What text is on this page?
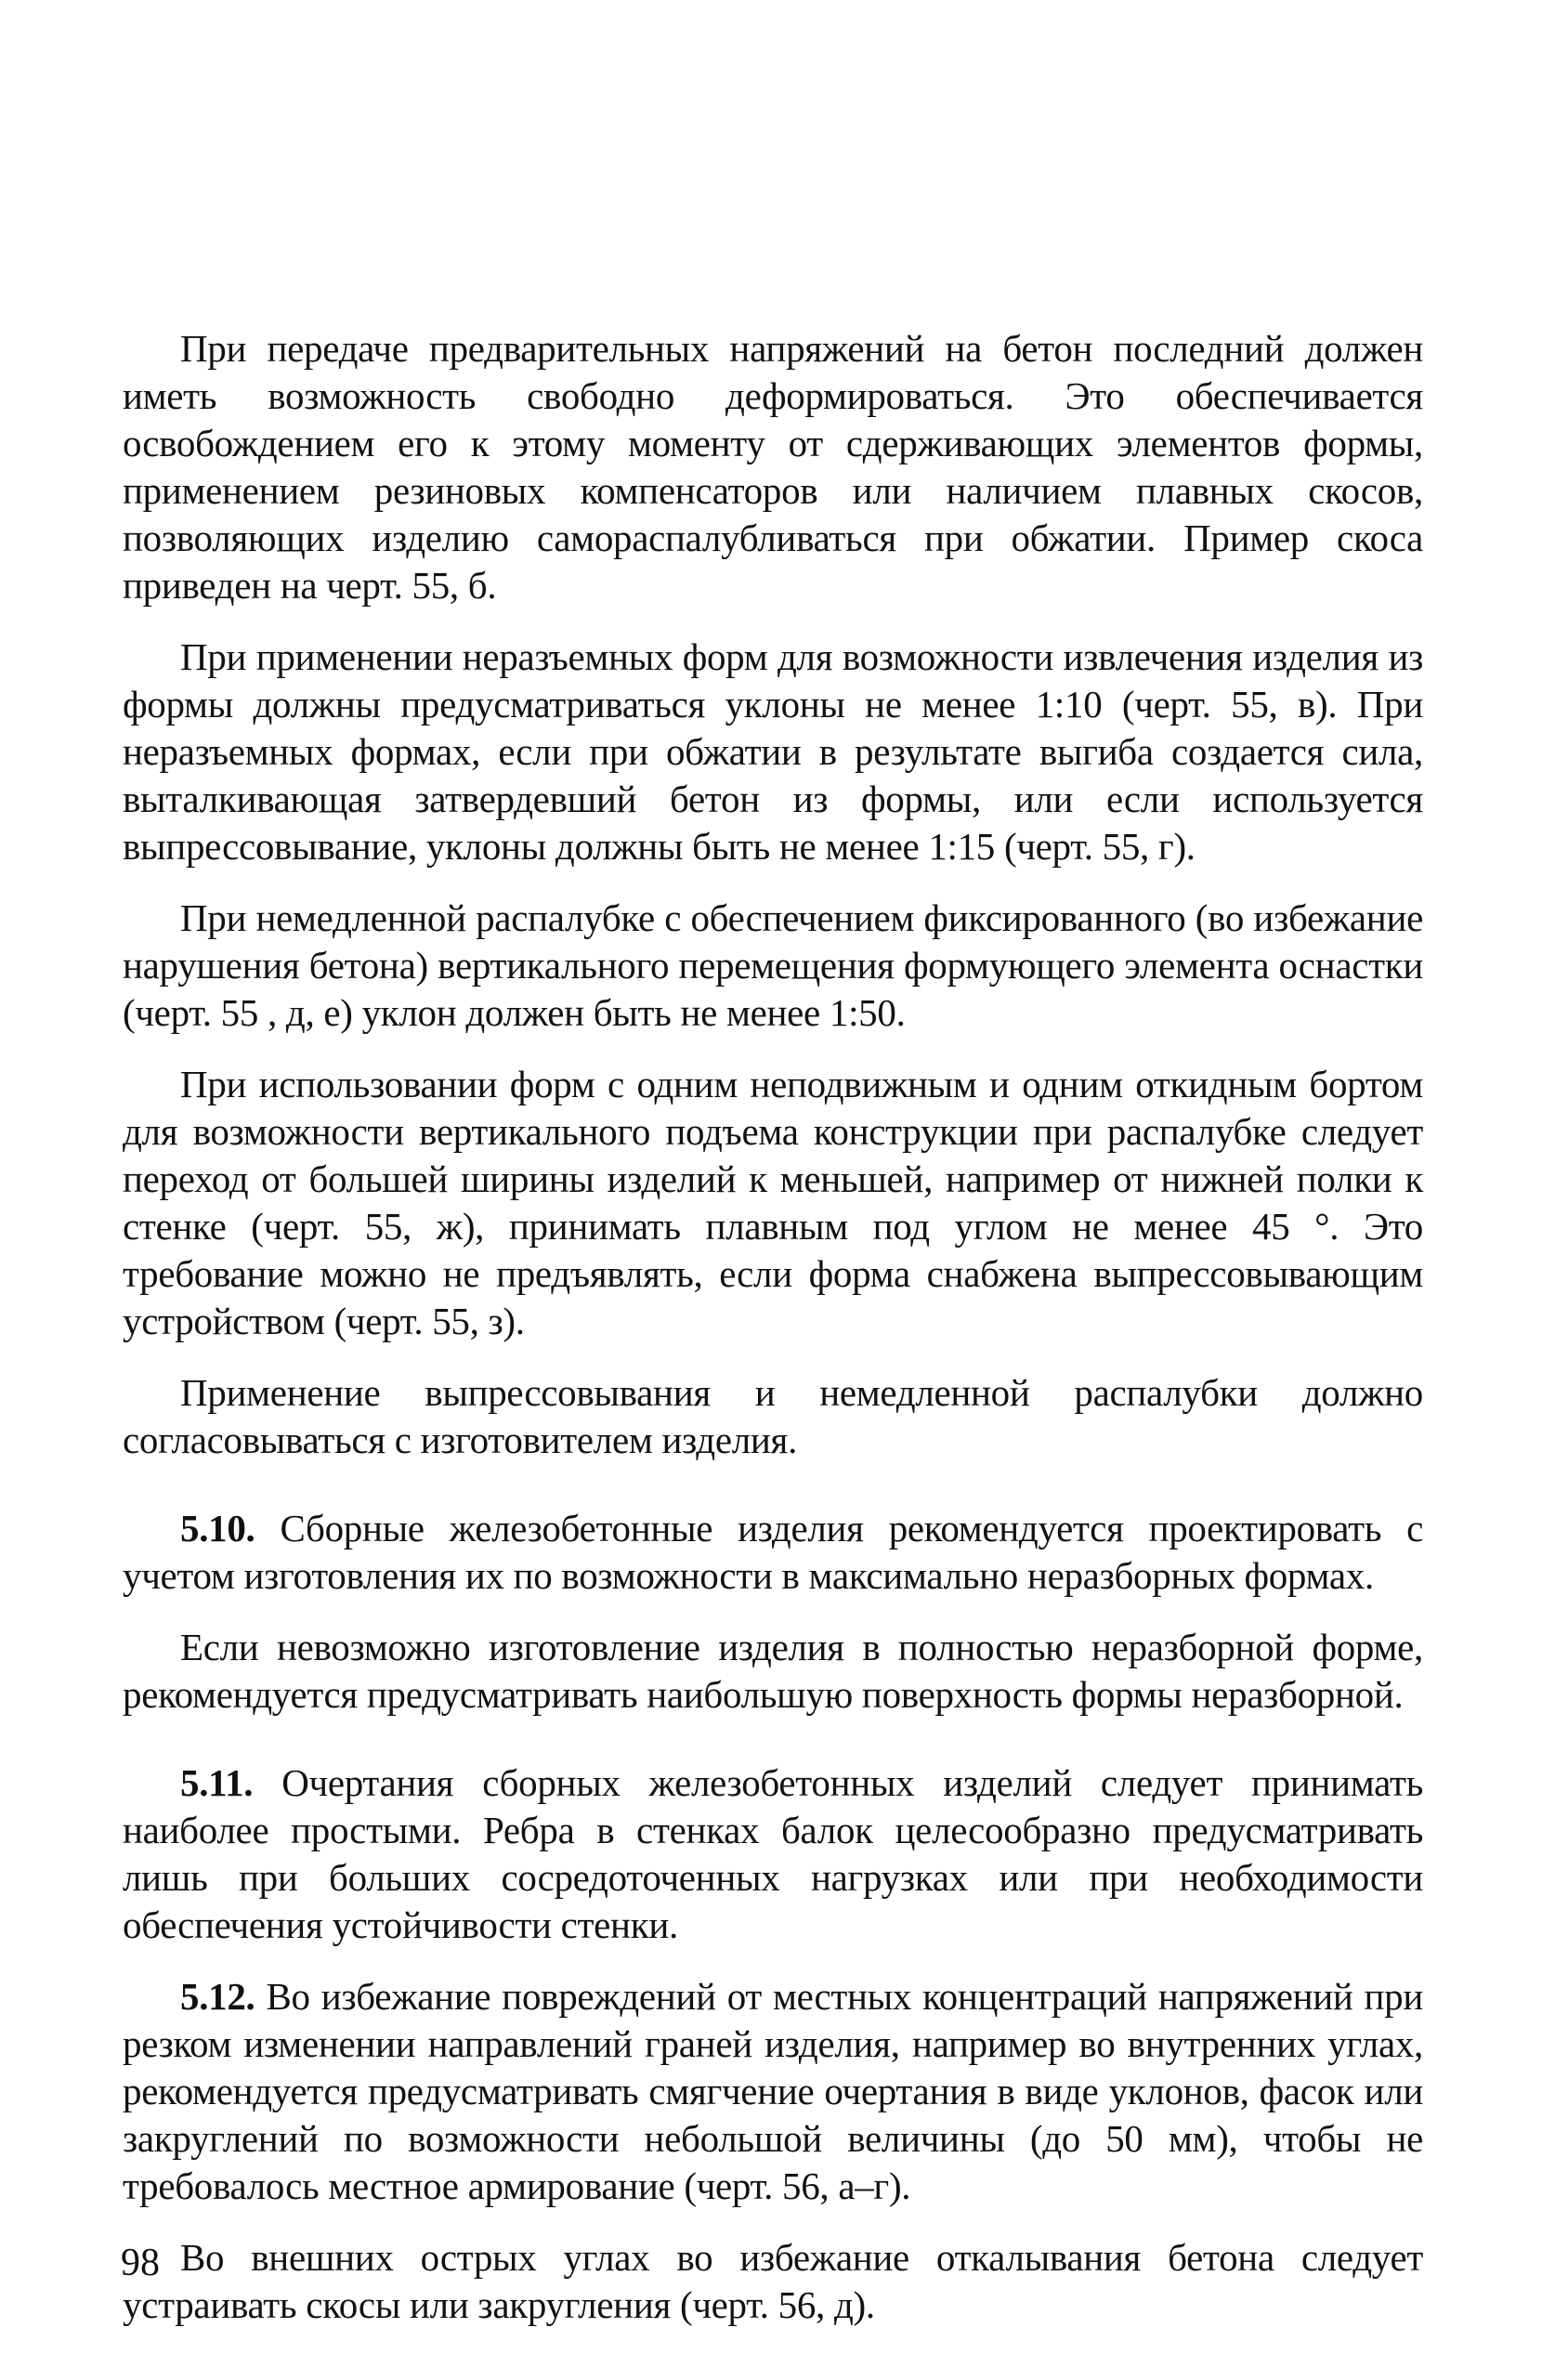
При передаче предварительных напряжений на бетон последний должен иметь возможность свободно деформироваться. Это обеспечивается освобождением его к этому моменту от сдерживающих элементов формы, применением резиновых компенсаторов или наличием плавных скосов, позволяющих изделию самораспалубливаться при обжатии. Пример скоса приведен на черт. 55, б.

При применении неразъемных форм для возможности извлечения изделия из формы должны предусматриваться уклоны не менее 1:10 (черт. 55, в). При неразъемных формах, если при обжатии в результате выгиба создается сила, выталкивающая затвердевший бетон из формы, или если используется выпрессовывание, уклоны должны быть не менее 1:15 (черт. 55, г).

При немедленной распалубке с обеспечением фиксированного (во избежание нарушения бетона) вертикального перемещения формующего элемента оснастки (черт. 55 , д, е) уклон должен быть не менее 1:50.

При использовании форм с одним неподвижным и одним откидным бортом для возможности вертикального подъема конструкции при распалубке следует переход от большей ширины изделий к меньшей, например от нижней полки к стенке (черт. 55, ж), принимать плавным под углом не менее 45 °. Это требование можно не предъявлять, если форма снабжена выпрессовывающим устройством (черт. 55, з).

Применение выпрессовывания и немедленной распалубки должно согласовываться с изготовителем изделия.

5.10. Сборные железобетонные изделия рекомендуется проектировать с учетом изготовления их по возможности в максимально неразборных формах.

Если невозможно изготовление изделия в полностью неразборной форме, рекомендуется предусматривать наибольшую поверхность формы неразборной.

5.11. Очертания сборных железобетонных изделий следует принимать наиболее простыми. Ребра в стенках балок целесообразно предусматривать лишь при больших сосредоточенных нагрузках или при необходимости обеспечения устойчивости стенки.

5.12. Во избежание повреждений от местных концентраций напряжений при резком изменении направлений граней изделия, например во внутренних углах, рекомендуется предусматривать смягчение очертания в виде уклонов, фасок или закруглений по возможности небольшой величины (до 50 мм), чтобы не требовалось местное армирование (черт. 56, а–г).

Во внешних острых углах во избежание откалывания бетона следует устраивать скосы или закругления (черт. 56, д).

98
